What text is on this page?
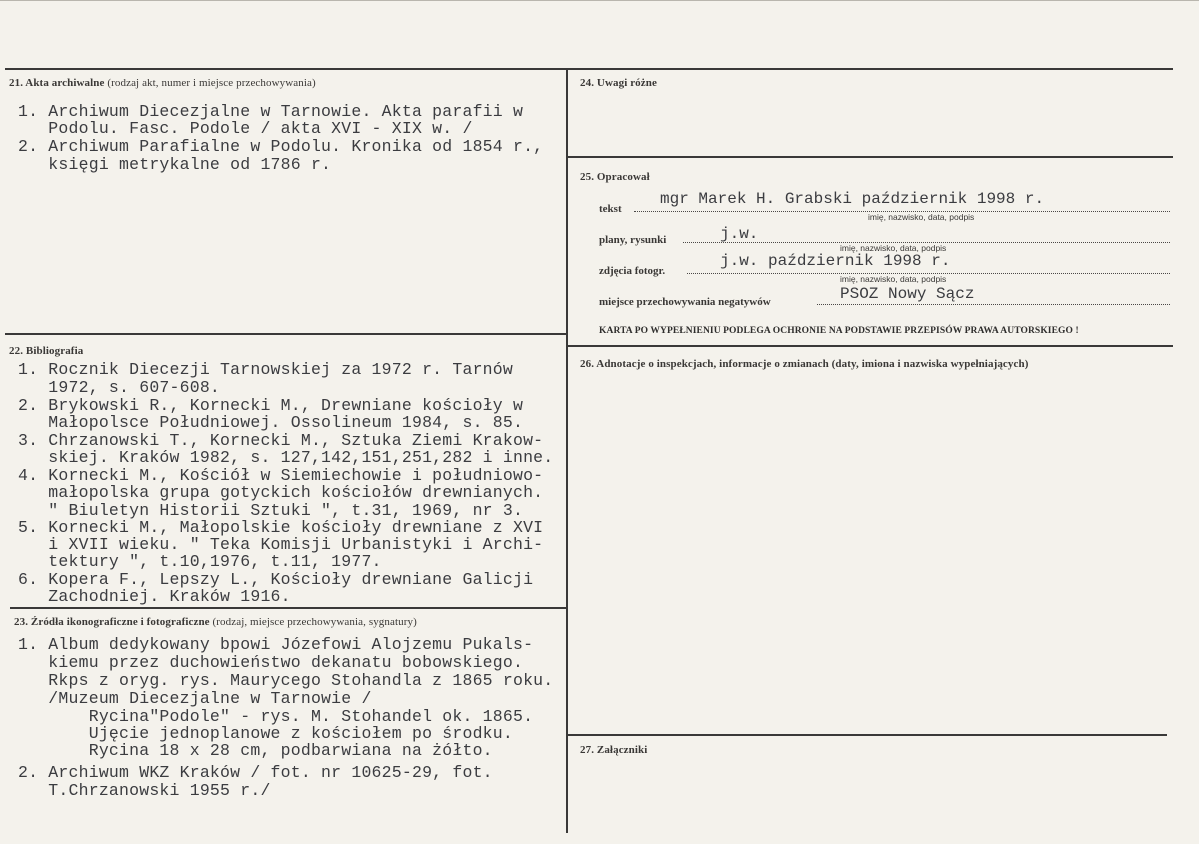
21. Akta archiwalne (rodzaj akt, numer i miejsce przechowywania)
1. Archiwum Diecezjalne w Tarnowie. Akta parafii w
Podolu. Fasc. Podole / akta XVI - XIX w. /
2. Archiwum Parafialne w Podolu. Kronika od 1854 r.,
księgi metrykalne od 1786 r.
22. Bibliografia
1. Rocznik Diecezji Tarnowskiej za 1972 r. Tarnów
1972, s. 607-608.
2. Brykowski R., Kornecki M., Drewniane kościoły w
Małopolsce Południowej. Ossolineum 1984, s. 85.
3. Chrzanowski T., Kornecki M., Sztuka Ziemi Krakow-
skiej. Kraków 1982, s. 127,142,151,251,282 i inne.
4. Kornecki M., Kościół w Siemiechowie i południowo-
małopolska grupa gotyckich kościołów drewnianych.
" Biuletyn Historii Sztuki ", t.31, 1969, nr 3.
5. Kornecki M., Małopolskie kościoły drewniane z XVI
i XVII wieku. " Teka Komisji Urbanistyki i Archi-
tektury ", t.10,1976, t.11, 1977.
6. Kopera F., Lepszy L., Kościoły drewniane Galicji
Zachodniej. Kraków 1916.
23. Źródła ikonograficzne i fotograficzne (rodzaj, miejsce przechowywania, sygnatury)
1. Album dedykowany bpowi Józefowi Alojzemu Pukals-
kiemu przez duchowieństwo dekanatu bobowskiego.
Rkps z oryg. rys. Maurycego Stohandla z 1865 roku.
/Muzeum Diecezjalne w Tarnowie /
Rycina"Podole" - rys. M. Stohandel ok. 1865.
Ujęcie jednoplanowe z kościołem po środku.
Rycina 18 x 28 cm, podbarwiana na żółto.
2. Archiwum WKZ Kraków / fot. nr 10625-29, fot.
T.Chrzanowski 1955 r./
24. Uwagi różne
25. Opracował
tekst
mgr Marek H. Grabski październik 1998 r.
imię, nazwisko, data, podpis
plany, rysunki	j.w.
imię, nazwisko, data, podpis
zdjęcia fotogr.
j.w. październik 1998 r.
imię, nazwisko, data, podpis
miejsce przechowywania negatywów	PSOZ Nowy Sącz
KARTA PO WYPEŁNIENIU PODLEGA OCHRONIE NA PODSTAWIE PRZEPISÓW PRAWA AUTORSKIEGO !
26. Adnotacje o inspekcjach, informacje o zmianach (daty, imiona i nazwiska wypełniających)
27. Załączniki
